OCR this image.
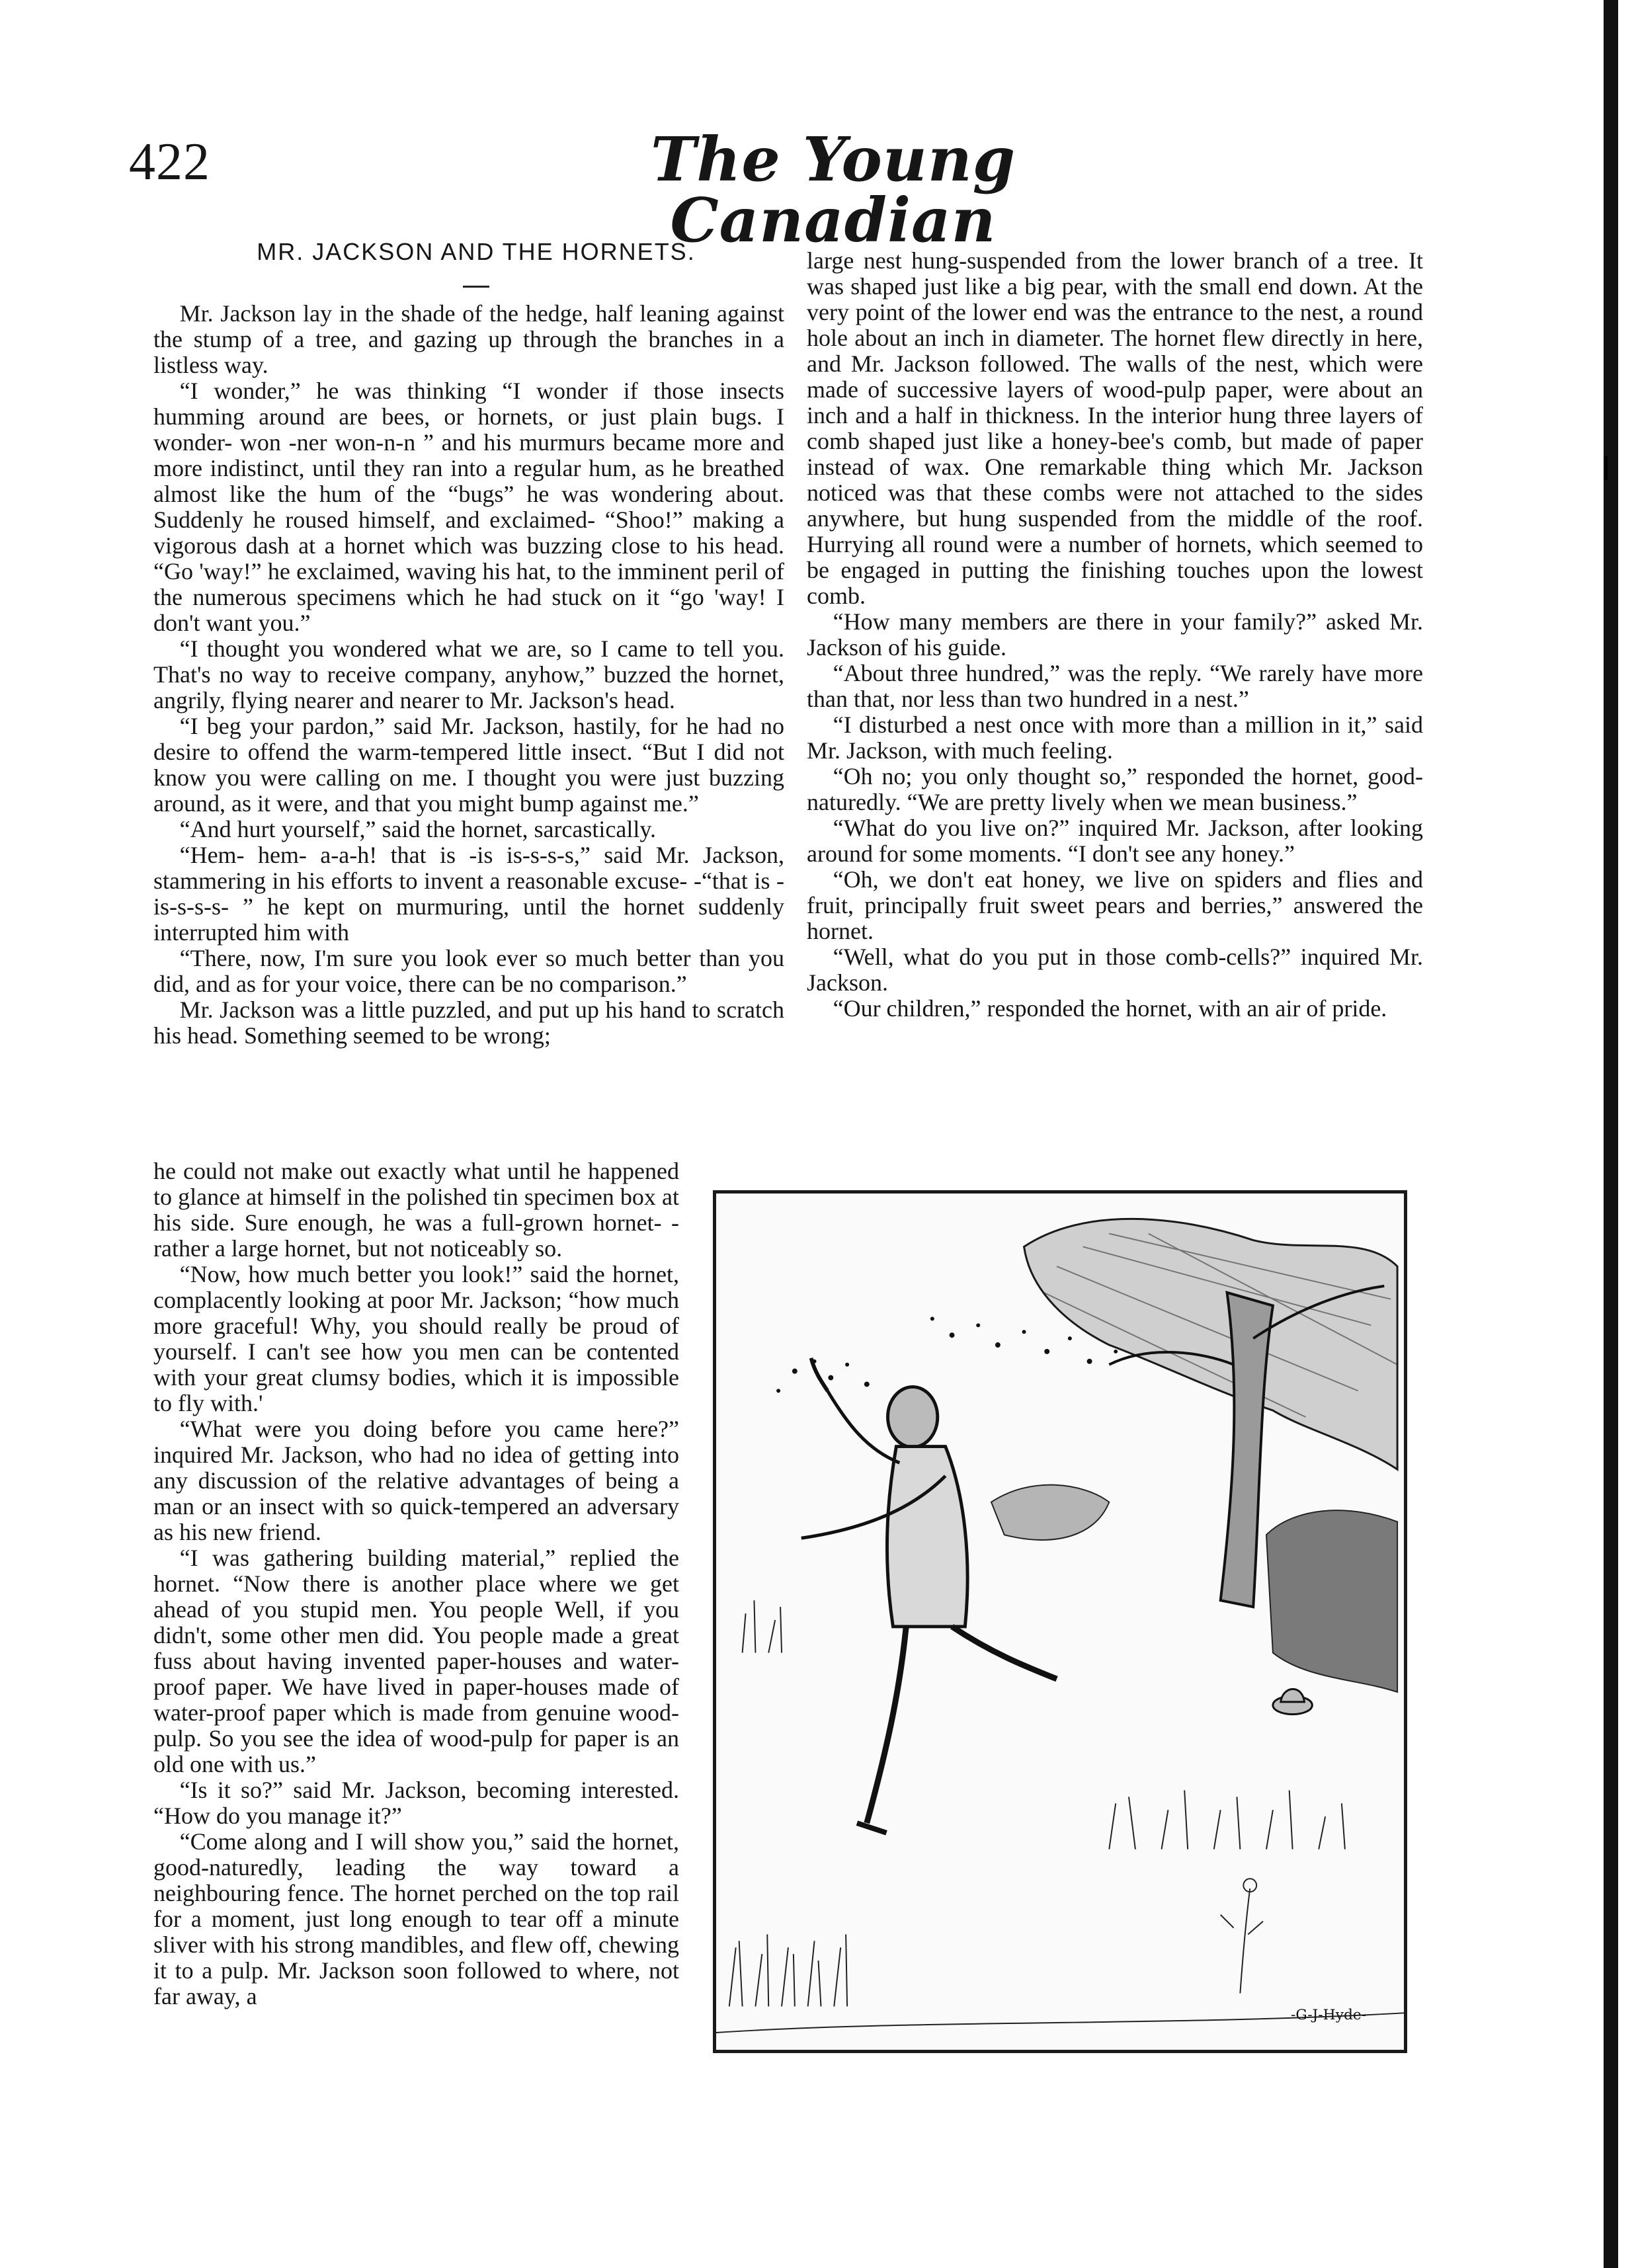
422	The Young Canadian
MR. JACKSON AND THE HORNETS.

Mr. Jackson lay in the shade of the hedge, half leaning against the stump of a tree, and gazing up through the branches in a listless way.

“I wonder,” he was thinking “I wonder if those insects humming around are bees, or hornets, or just plain bugs. I wonder- won -ner won-n-n ” and his murmurs became more and more indistinct, until they ran into a regular hum, as he breathed almost like the hum of the “bugs” he was wondering about. Suddenly he roused himself, and exclaimed- “Shoo!” making a vigorous dash at a hornet which was buzzing close to his head. “Go 'way!” he exclaimed, waving his hat, to the imminent peril of the numerous specimens which he had stuck on it “go 'way! I don't want you.”

“I thought you wondered what we are, so I came to tell you. That's no way to receive company, anyhow,” buzzed the hornet, angrily, flying nearer and nearer to Mr. Jackson's head.

“I beg your pardon,” said Mr. Jackson, hastily, for he had no desire to offend the warm-tempered little insect. “But I did not know you were calling on me. I thought you were just buzzing around, as it were, and that you might bump against me.”

“And hurt yourself,” said the hornet, sarcastically.

“Hem- hem- a-a-h! that is -is is-s-s-s,” said Mr. Jackson, stammering in his efforts to invent a reasonable excuse- -“that is -is-s-s-s- ” he kept on murmuring, until the hornet suddenly interrupted him with

“There, now, I'm sure you look ever so much better than you did, and as for your voice, there can be no comparison.”

Mr. Jackson was a little puzzled, and put up his hand to scratch his head. Something seemed to be wrong;

he could not make out exactly what until he happened to glance at himself in the polished tin specimen box at his side. Sure enough, he was a full-grown hornet- -rather a large hornet, but not noticeably so.

“Now, how much better you look!” said the hornet, complacently looking at poor Mr. Jackson; “how much more graceful! Why, you should really be proud of yourself. I can't see how you men can be contented with your great clumsy bodies, which it is impossible to fly with.'

“What were you doing before you came here?” inquired Mr. Jackson, who had no idea of getting into any discussion of the relative advantages of being a man or an insect with so quick-tempered an adversary as his new friend.

“I was gathering building material,” replied the hornet. “Now there is another place where we get ahead of you stupid men. You people Well, if you didn't, some other men did. You people made a great fuss about having invented paper-houses and water-proof paper. We have lived in paper-houses made of water-proof paper which is made from genuine wood-pulp. So you see the idea of wood-pulp for paper is an old one with us.”

“Is it so?” said Mr. Jackson, becoming interested. “How do you manage it?”

“Come along and I will show you,” said the hornet, good-naturedly, leading the way toward a neighbouring fence. The hornet perched on the top rail for a moment, just long enough to tear off a minute sliver with his strong mandibles, and flew off, chewing it to a pulp. Mr. Jackson soon followed to where, not far away, a

large nest hung-suspended from the lower branch of a tree. It was shaped just like a big pear, with the small end down. At the very point of the lower end was the entrance to the nest, a round hole about an inch in diameter. The hornet flew directly in here, and Mr. Jackson followed. The walls of the nest, which were made of successive layers of wood-pulp paper, were about an inch and a half in thickness. In the interior hung three layers of comb shaped just like a honey-bee's comb, but made of paper instead of wax. One remarkable thing which Mr. Jackson noticed was that these combs were not attached to the sides anywhere, but hung suspended from the middle of the roof. Hurrying all round were a number of hornets, which seemed to be engaged in putting the finishing touches upon the lowest comb.

“How many members are there in your family?” asked Mr. Jackson of his guide.

“About three hundred,” was the reply. “We rarely have more than that, nor less than two hundred in a nest.”

“I disturbed a nest once with more than a million in it,” said Mr. Jackson, with much feeling.

“Oh no; you only thought so,” responded the hornet, good-naturedly. “We are pretty lively when we mean business.”

“What do you live on?” inquired Mr. Jackson, after looking around for some moments. “I don't see any honey.”

“Oh, we don't eat honey, we live on spiders and flies and fruit, principally fruit sweet pears and berries,” answered the hornet.

“Well, what do you put in those comb-cells?” inquired Mr. Jackson.

“Our children,” responded the hornet, with an air of pride.

-G-J-Hyde-
